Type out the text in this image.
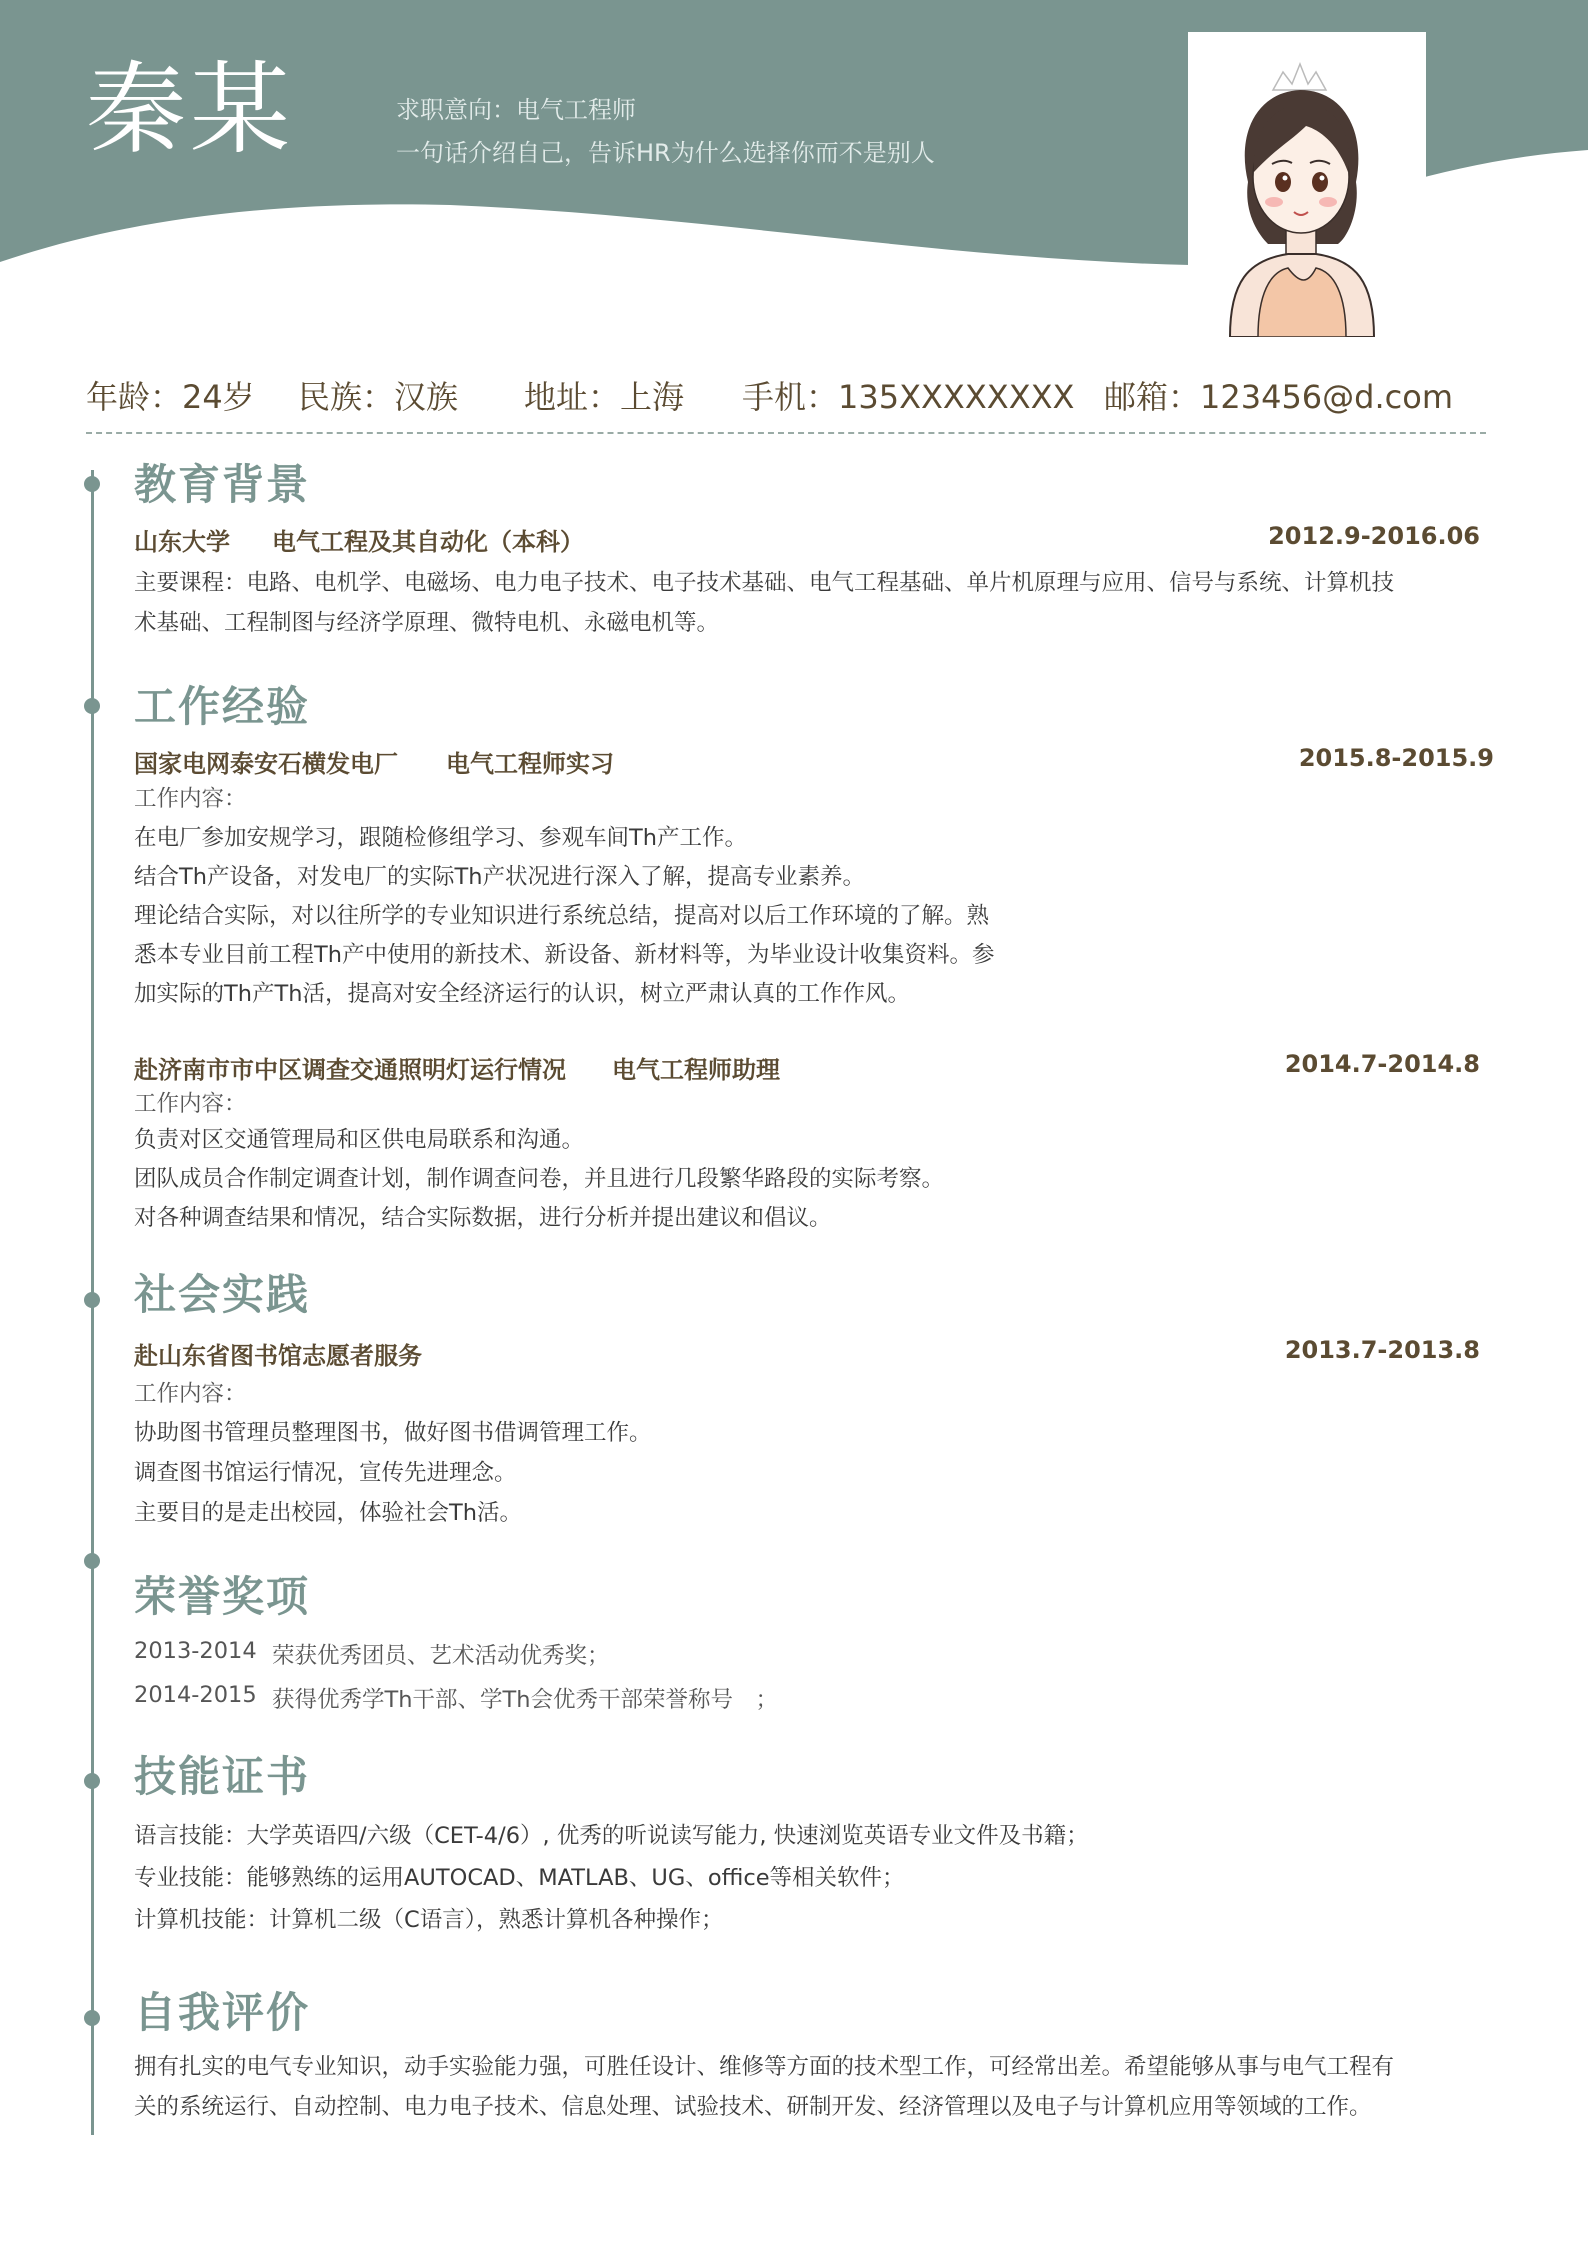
秦某	求职意向：电气工程师
一句话介绍自己，告诉HR为什么选择你而不是别人
年龄：24岁 民族：汉族 地址：上海 手机：135XXXXXXXX 邮箱：123456@d.com
教育背景
山东大学 电气工程及其自动化（本科）	2012.9-2016.06
主要课程：电路、电机学、电磁场、电力电子技术、电子技术基础、电气工程基础、单片机原理与应用、信号与系统、计算机技
术基础、工程制图与经济学原理、微特电机、永磁电机等。
工作经验
国家电网泰安石横发电厂 电气工程师实习	2015.8-2015.9
工作内容：
在电厂参加安规学习，跟随检修组学习、参观车间Th产工作。
结合Th产设备，对发电厂的实际Th产状况进行深入了解，提高专业素养。
理论结合实际，对以往所学的专业知识进行系统总结，提高对以后工作环境的了解。熟
悉本专业目前工程Th产中使用的新技术、新设备、新材料等，为毕业设计收集资料。参
加实际的Th产Th活，提高对安全经济运行的认识，树立严肃认真的工作作风。
赴济南市市中区调查交通照明灯运行情况 电气工程师助理	2014.7-2014.8
工作内容：
负责对区交通管理局和区供电局联系和沟通。
团队成员合作制定调查计划，制作调查问卷，并且进行几段繁华路段的实际考察。
对各种调查结果和情况，结合实际数据，进行分析并提出建议和倡议。
社会实践
赴山东省图书馆志愿者服务	2013.7-2013.8
工作内容：
协助图书管理员整理图书，做好图书借调管理工作。
调查图书馆运行情况，宣传先进理念。
主要目的是走出校园，体验社会Th活。
荣誉奖项
2013-2014 荣获优秀团员、艺术活动优秀奖；
2014-2015 获得优秀学Th干部、学Th会优秀干部荣誉称号　；
技能证书
语言技能：大学英语四/六级（CET-4/6）, 优秀的听说读写能力, 快速浏览英语专业文件及书籍；
专业技能：能够熟练的运用AUTOCAD、MATLAB、UG、office等相关软件；
计算机技能：计算机二级（C语言），熟悉计算机各种操作；
自我评价
拥有扎实的电气专业知识，动手实验能力强，可胜任设计、维修等方面的技术型工作，可经常出差。希望能够从事与电气工程有
关的系统运行、自动控制、电力电子技术、信息处理、试验技术、研制开发、经济管理以及电子与计算机应用等领域的工作。
